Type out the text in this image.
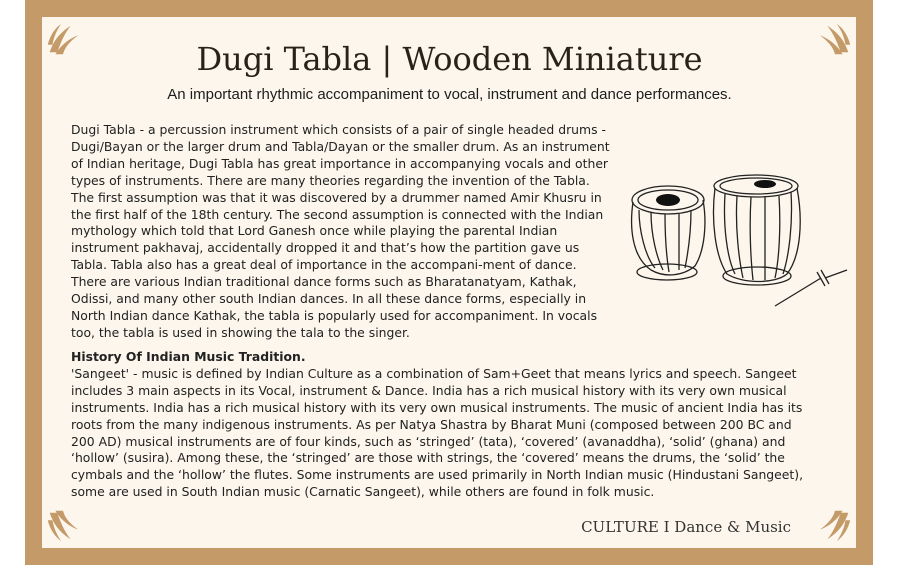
Dugi Tabla | Wooden Miniature
An important rhythmic accompaniment to vocal, instrument and dance performances.
Dugi Tabla - a percussion instrument which consists of a pair of single headed drums - Dugi/Bayan or the larger drum and Tabla/Dayan or the smaller drum. As an instrument of Indian heritage, Dugi Tabla has great importance in accompanying vocals and other types of instruments. There are many theories regarding the invention of the Tabla. The first assumption was that it was discovered by a drummer named Amir Khusru in the first half of the 18th century. The second assumption is connected with the Indian mythology which told that Lord Ganesh once while playing the parental Indian instrument pakhavaj, accidentally dropped it and that’s how the partition gave us Tabla. Tabla also has a great deal of importance in the accompani-ment of dance. There are various Indian traditional dance forms such as Bharatanatyam, Kathak, Odissi, and many other south Indian dances. In all these dance forms, especially in North Indian dance Kathak, the tabla is popularly used for accompaniment. In vocals too, the tabla is used in showing the tala to the singer.
History Of Indian Music Tradition.

'Sangeet' - music is defined by Indian Culture as a combination of Sam+Geet that means lyrics and speech. Sangeet includes 3 main aspects in its Vocal, instrument & Dance. India has a rich musical history with its very own musical instruments. India has a rich musical history with its very own musical instruments. The music of ancient India has its roots from the many indigenous instruments. As per Natya Shastra by Bharat Muni (composed between 200 BC and 200 AD) musical instruments are of four kinds, such as ‘stringed’ (tata), ‘covered’ (avanaddha), ‘solid’ (ghana) and ‘hollow’ (susira). Among these, the ‘stringed’ are those with strings, the ‘covered’ means the drums, the ‘solid’ the cymbals and the ‘hollow’ the flutes. Some instruments are used primarily in North Indian music (Hindustani Sangeet), some are used in South Indian music (Carnatic Sangeet), while others are found in folk music.

CULTURE I Dance & Music
